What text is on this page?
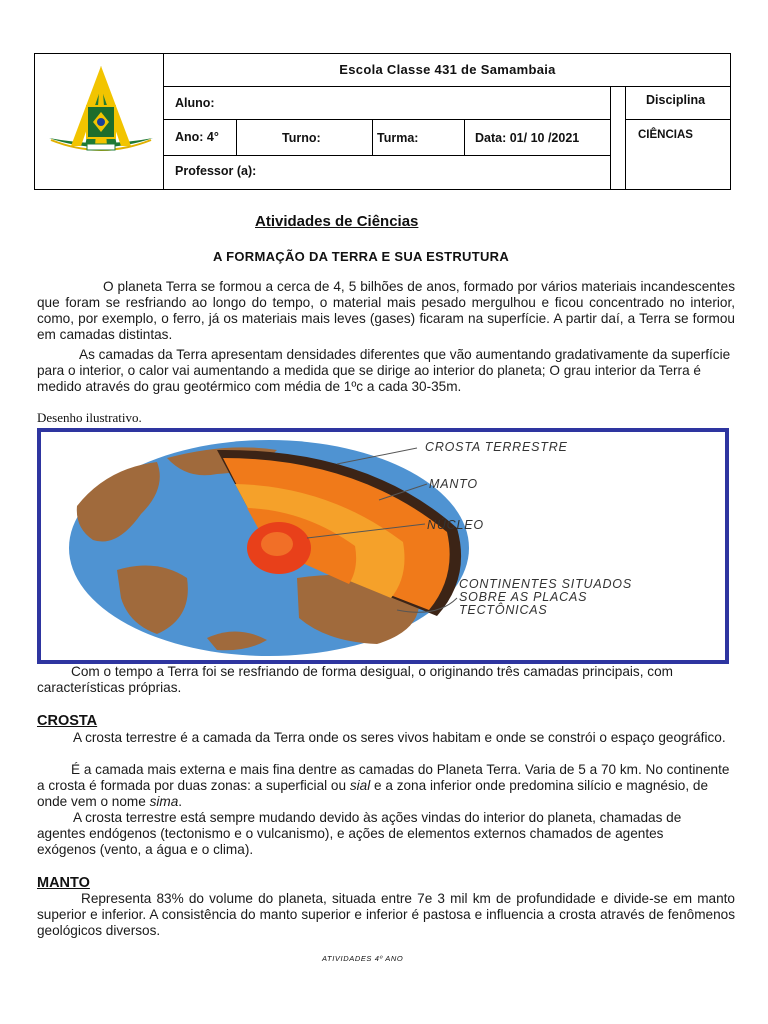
Escola Classe 431 de Samambaia
Aluno:	Disciplina
Ano: 4°	Turno:	Turma:	Data: 01/ 10 /2021	CIÊNCIAS
Professor (a):
Atividades de Ciências
A FORMAÇÃO DA TERRA E SUA ESTRUTURA

O planeta Terra se formou a cerca de 4, 5 bilhões de anos, formado por vários materiais incandescentes que foram se resfriando ao longo do tempo, o material mais pesado mergulhou e ficou concentrado no interior, como, por exemplo, o ferro, já os materiais mais leves (gases) ficaram na superfície. A partir daí, a Terra se formou em camadas distintas.

As camadas da Terra apresentam densidades diferentes que vão aumentando gradativamente da superfície para o interior, o calor vai aumentando a medida que se dirige ao interior do planeta; O grau interior da Terra é medido através do grau geotérmico com média de 1ºc a cada 30-35m.

Desenho ilustrativo.
CROSTA TERRESTRE
MANTO
NÚCLEO
CONTINENTES SITUADOS
SOBRE AS PLACAS
TECTÔNICAS

Com o tempo a Terra foi se resfriando de forma desigual, o originando três camadas principais, com características próprias.

CROSTA

A crosta terrestre é a camada da Terra onde os seres vivos habitam e onde se constrói o espaço geográfico.

É a camada mais externa e mais fina dentre as camadas do Planeta Terra. Varia de 5 a 70 km. No continente a crosta é formada por duas zonas: a superficial ou sial e a zona inferior onde predomina silício e magnésio, de onde vem o nome sima.

A crosta terrestre está sempre mudando devido às ações vindas do interior do planeta, chamadas de agentes endógenos (tectonismo e o vulcanismo), e ações de elementos externos chamados de agentes exógenos (vento, a água e o clima).

MANTO

Representa 83% do volume do planeta, situada entre 7e 3 mil km de profundidade e divide-se em manto superior e inferior. A consistência do manto superior e inferior é pastosa e influencia a crosta através de fenômenos geológicos diversos.

ATIVIDADES 4º ANO
